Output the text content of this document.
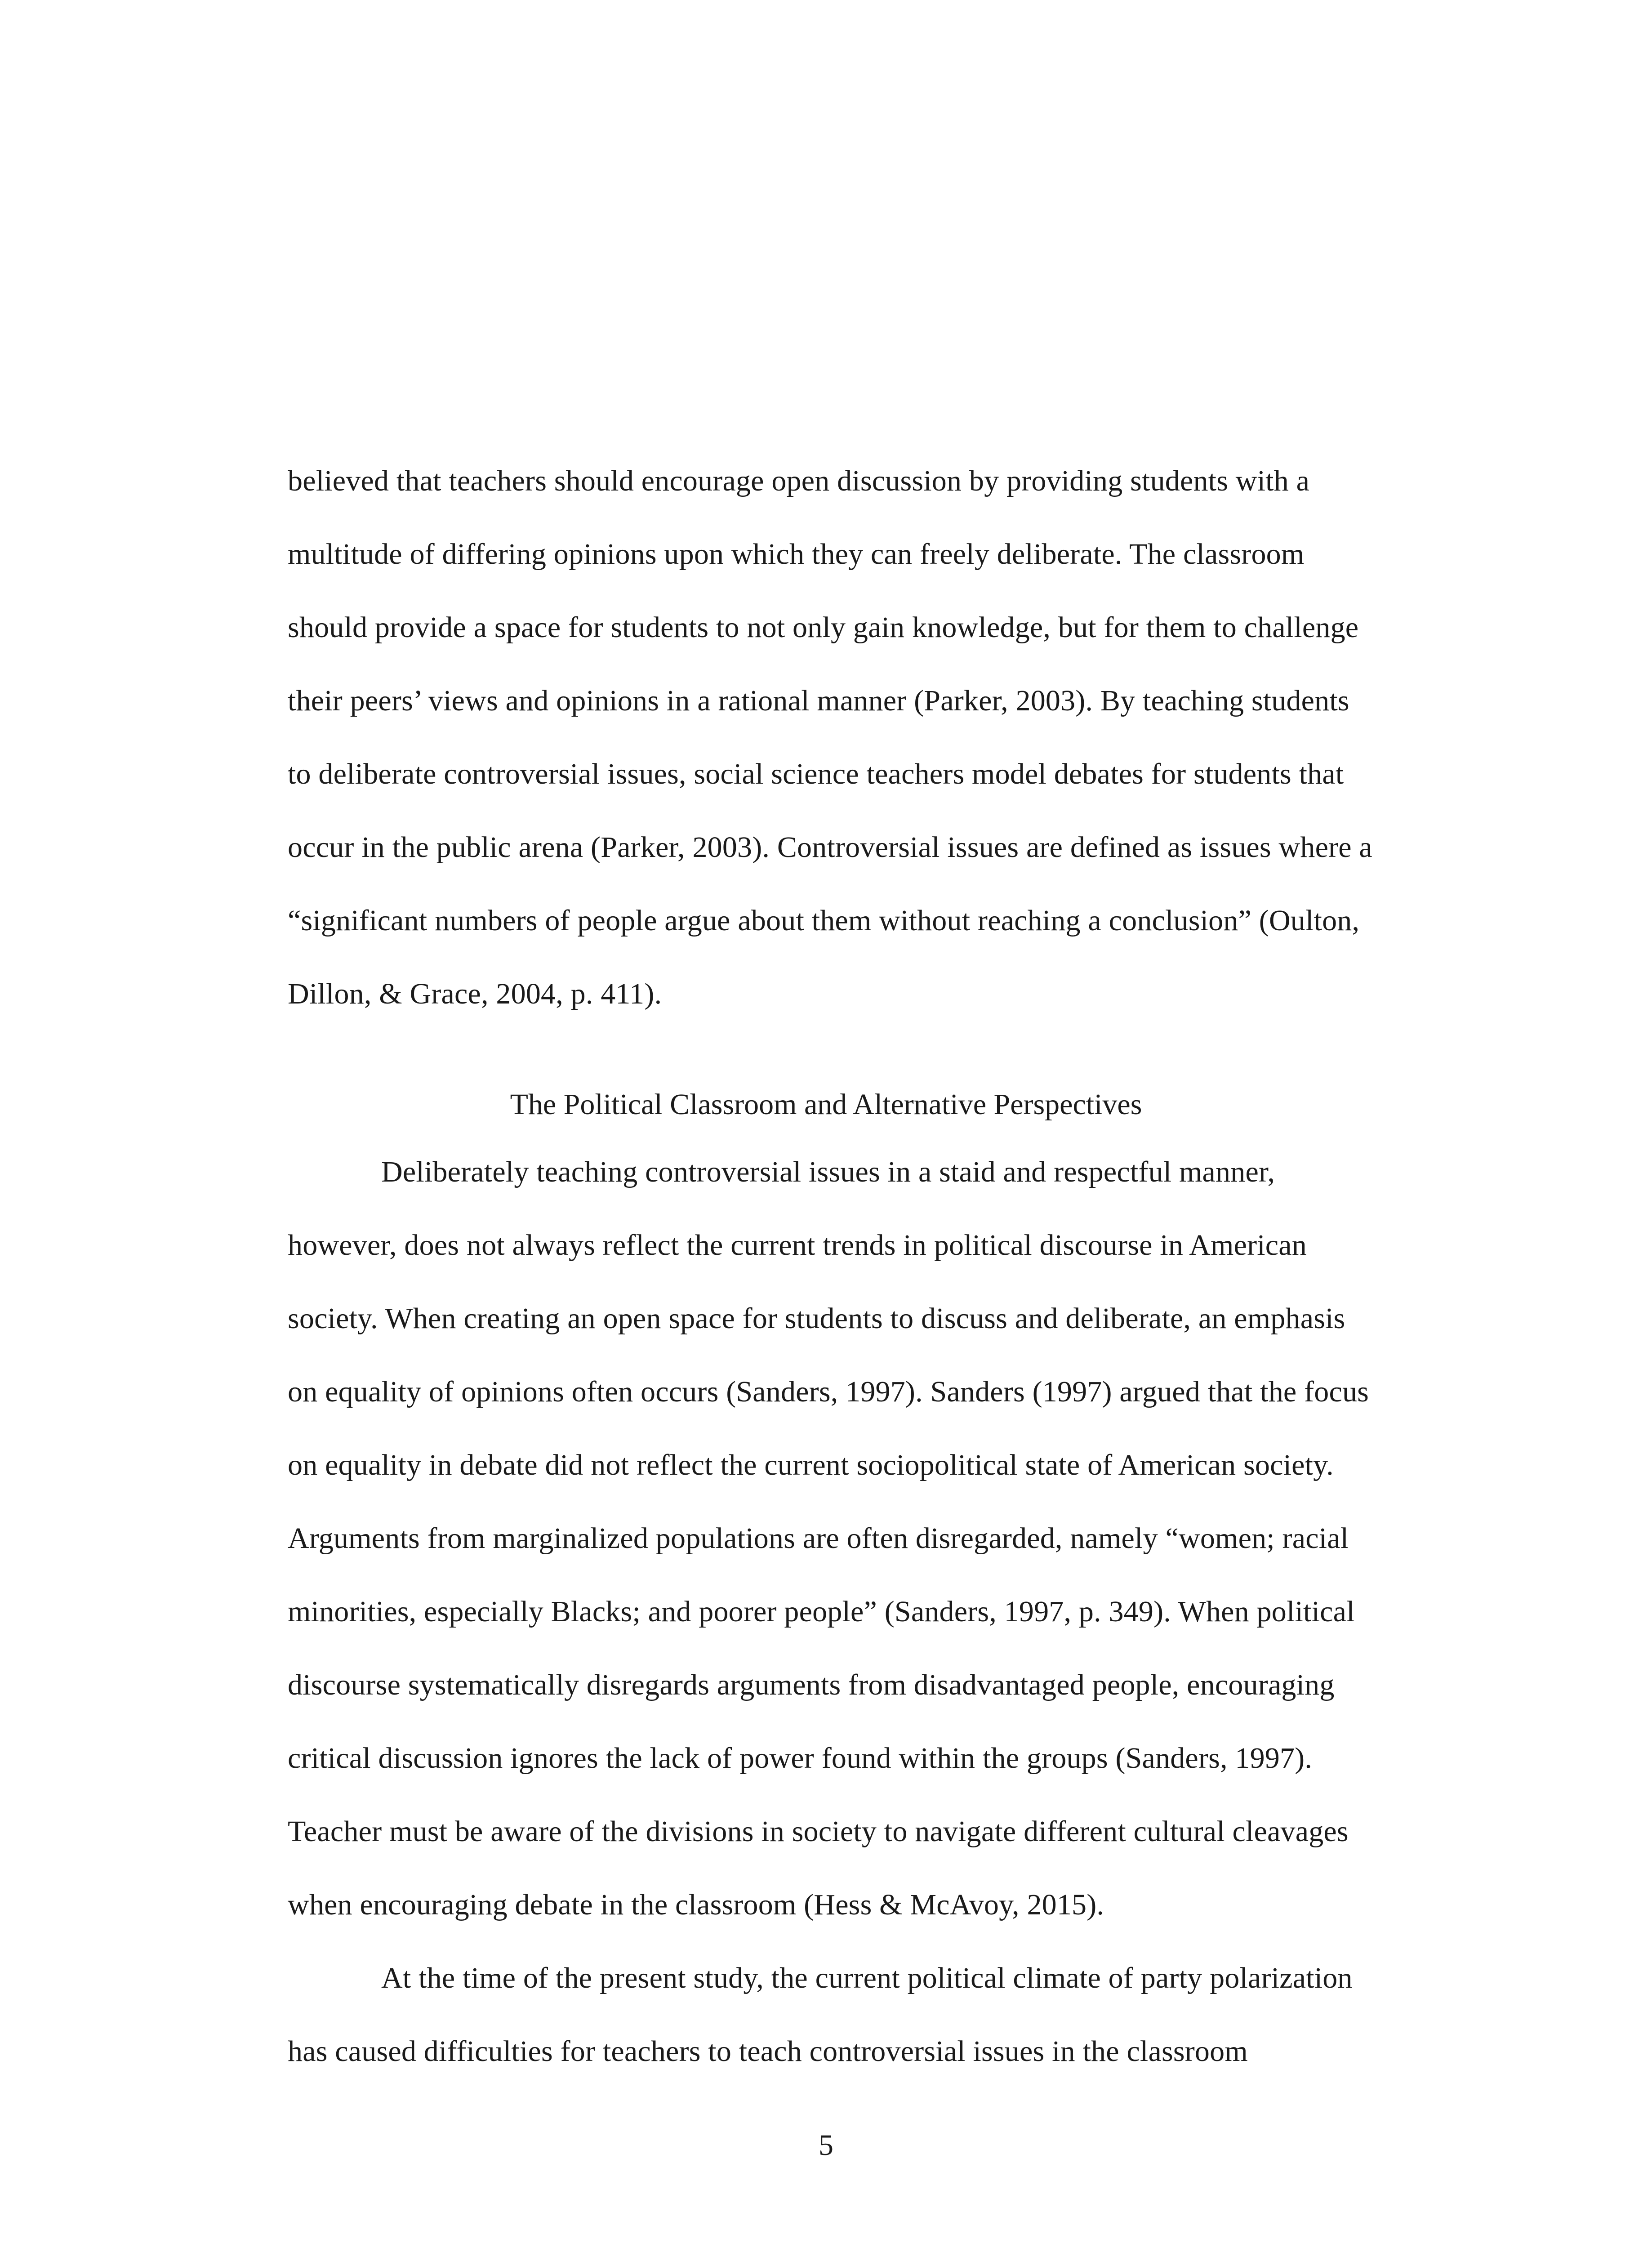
believed that teachers should encourage open discussion by providing students with a
multitude of differing opinions upon which they can freely deliberate. The classroom
should provide a space for students to not only gain knowledge, but for them to challenge
their peers’ views and opinions in a rational manner (Parker, 2003). By teaching students
to deliberate controversial issues, social science teachers model debates for students that
occur in the public arena (Parker, 2003). Controversial issues are defined as issues where a
“significant numbers of people argue about them without reaching a conclusion” (Oulton,
Dillon, & Grace, 2004, p. 411).
The Political Classroom and Alternative Perspectives
Deliberately teaching controversial issues in a staid and respectful manner,
however, does not always reflect the current trends in political discourse in American
society. When creating an open space for students to discuss and deliberate, an emphasis
on equality of opinions often occurs (Sanders, 1997). Sanders (1997) argued that the focus
on equality in debate did not reflect the current sociopolitical state of American society.
Arguments from marginalized populations are often disregarded, namely “women; racial
minorities, especially Blacks; and poorer people” (Sanders, 1997, p. 349). When political
discourse systematically disregards arguments from disadvantaged people, encouraging
critical discussion ignores the lack of power found within the groups (Sanders, 1997).
Teacher must be aware of the divisions in society to navigate different cultural cleavages
when encouraging debate in the classroom (Hess & McAvoy, 2015).
At the time of the present study, the current political climate of party polarization
has caused difficulties for teachers to teach controversial issues in the classroom
5
